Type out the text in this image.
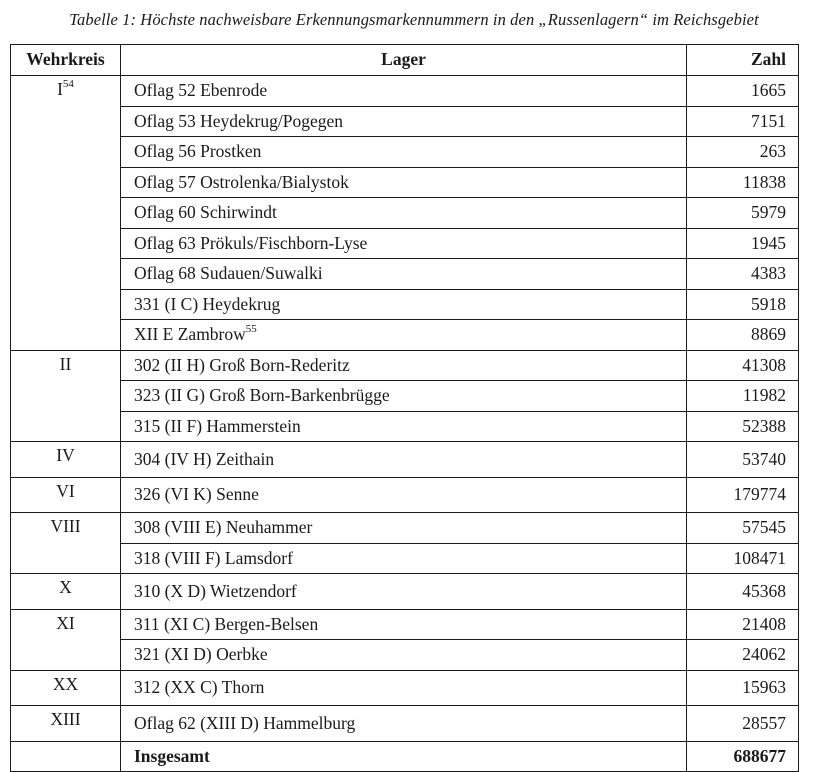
Tabelle 1: Höchste nachweisbare Erkennungsmarkennummern in den „Russenlagern“ im Reichsgebiet
Wehrkreis	Lager	Zahl
$I^{54}$	Oflag 52 Ebenrode	1665
	Oflag 53 Heydekrug/Pogegen	7151
	Oflag 56 Prostken	263
	Oflag 57 Ostrolenka/Bialystok	11838
	Oflag 60 Schirwindt	5979
	Oflag 63 Prökuls/Fischborn-Lyse	1945
	Oflag 68 Sudauen/Suwalki	4383
	331 (I C) Heydekrug	5918
	XII E Zambrow$^{55}$	8869
II	302 (II H) Groß Born-Rederitz	41308
	323 (II G) Groß Born-Barkenbrügge	11982
	315 (II F) Hammerstein	52388
IV	304 (IV H) Zeithain	53740
VI	326 (VI K) Senne	179774
VIII	308 (VIII E) Neuhammer	57545
	318 (VIII F) Lamsdorf	108471
X	310 (X D) Wietzendorf	45368
XI	311 (XI C) Bergen-Belsen	21408
	321 (XI D) Oerbke	24062
XX	312 (XX C) Thorn	15963
XIII	Oflag 62 (XIII D) Hammelburg	28557
	Insgesamt	688677
